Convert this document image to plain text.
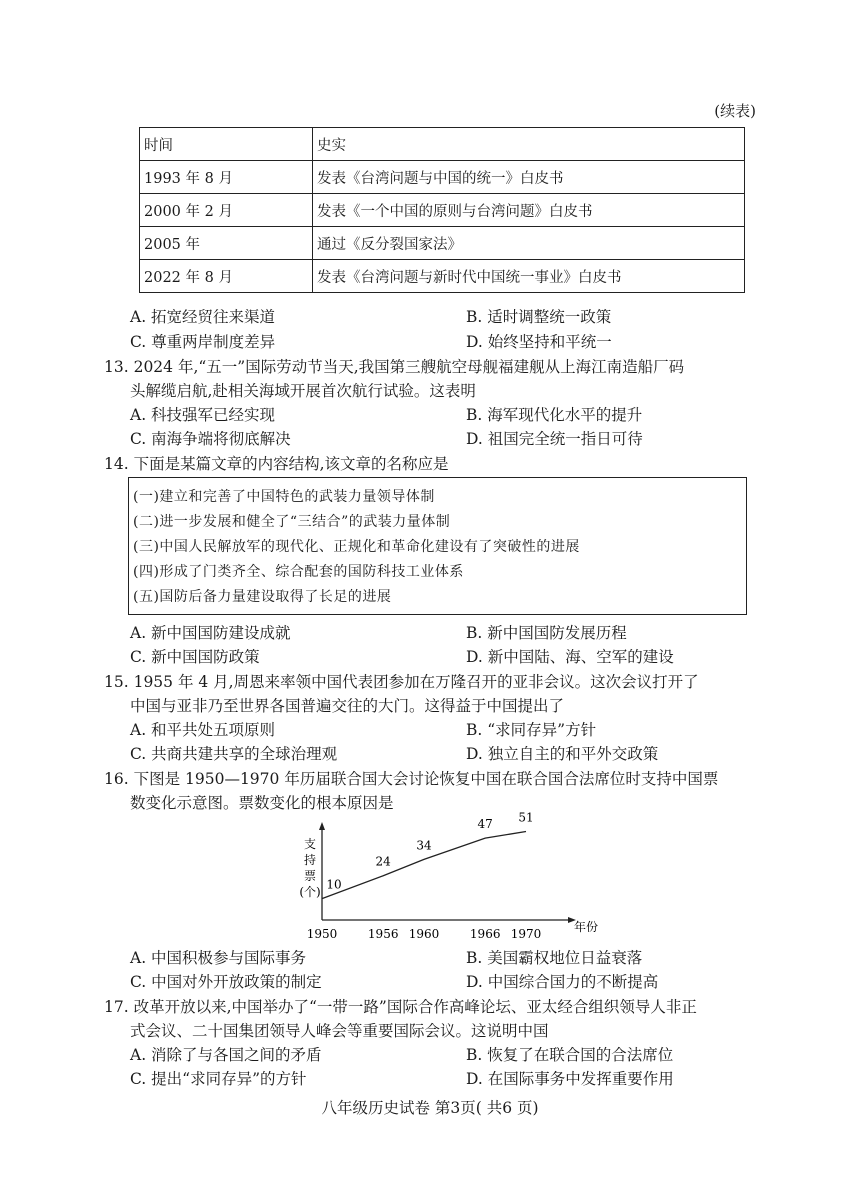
(续表)
时间	史实
1993 年 8 月	发表《台湾问题与中国的统一》白皮书
2000 年 2 月	发表《一个中国的原则与台湾问题》白皮书
2005 年	通过《反分裂国家法》
2022 年 8 月	发表《台湾问题与新时代中国统一事业》白皮书
A. 拓宽经贸往来渠道	B. 适时调整统一政策
C. 尊重两岸制度差异	D. 始终坚持和平统一
13. 2024 年,“五一”国际劳动节当天,我国第三艘航空母舰福建舰从上海江南造船厂码
头解缆启航,赴相关海域开展首次航行试验。这表明
A. 科技强军已经实现	B. 海军现代化水平的提升
C. 南海争端将彻底解决	D. 祖国完全统一指日可待
14. 下面是某篇文章的内容结构,该文章的名称应是
(一)建立和完善了中国特色的武装力量领导体制
(二)进一步发展和健全了“三结合”的武装力量体制
(三)中国人民解放军的现代化、正规化和革命化建设有了突破性的进展
(四)形成了门类齐全、综合配套的国防科技工业体系
(五)国防后备力量建设取得了长足的进展
A. 新中国国防建设成就	B. 新中国国防发展历程
C. 新中国国防政策	D. 新中国陆、海、空军的建设
15. 1955 年 4 月,周恩来率领中国代表团参加在万隆召开的亚非会议。这次会议打开了
中国与亚非乃至世界各国普遍交往的大门。这得益于中国提出了
A. 和平共处五项原则	B. “求同存异”方针
C. 共商共建共享的全球治理观	D. 独立自主的和平外交政策
16. 下图是 1950—1970 年历届联合国大会讨论恢复中国在联合国合法席位时支持中国票
数变化示意图。票数变化的根本原因是
支
持
票
(个)
年份
1950	1956 1960	1966 1970
10
24
34
47 51
A. 中国积极参与国际事务	B. 美国霸权地位日益衰落
C. 中国对外开放政策的制定	D. 中国综合国力的不断提高
17. 改革开放以来,中国举办了“一带一路”国际合作高峰论坛、亚太经合组织领导人非正
式会议、二十国集团领导人峰会等重要国际会议。这说明中国
A. 消除了与各国之间的矛盾	B. 恢复了在联合国的合法席位
C. 提出“求同存异”的方针	D. 在国际事务中发挥重要作用
八年级历史试卷 第3页( 共6 页)
